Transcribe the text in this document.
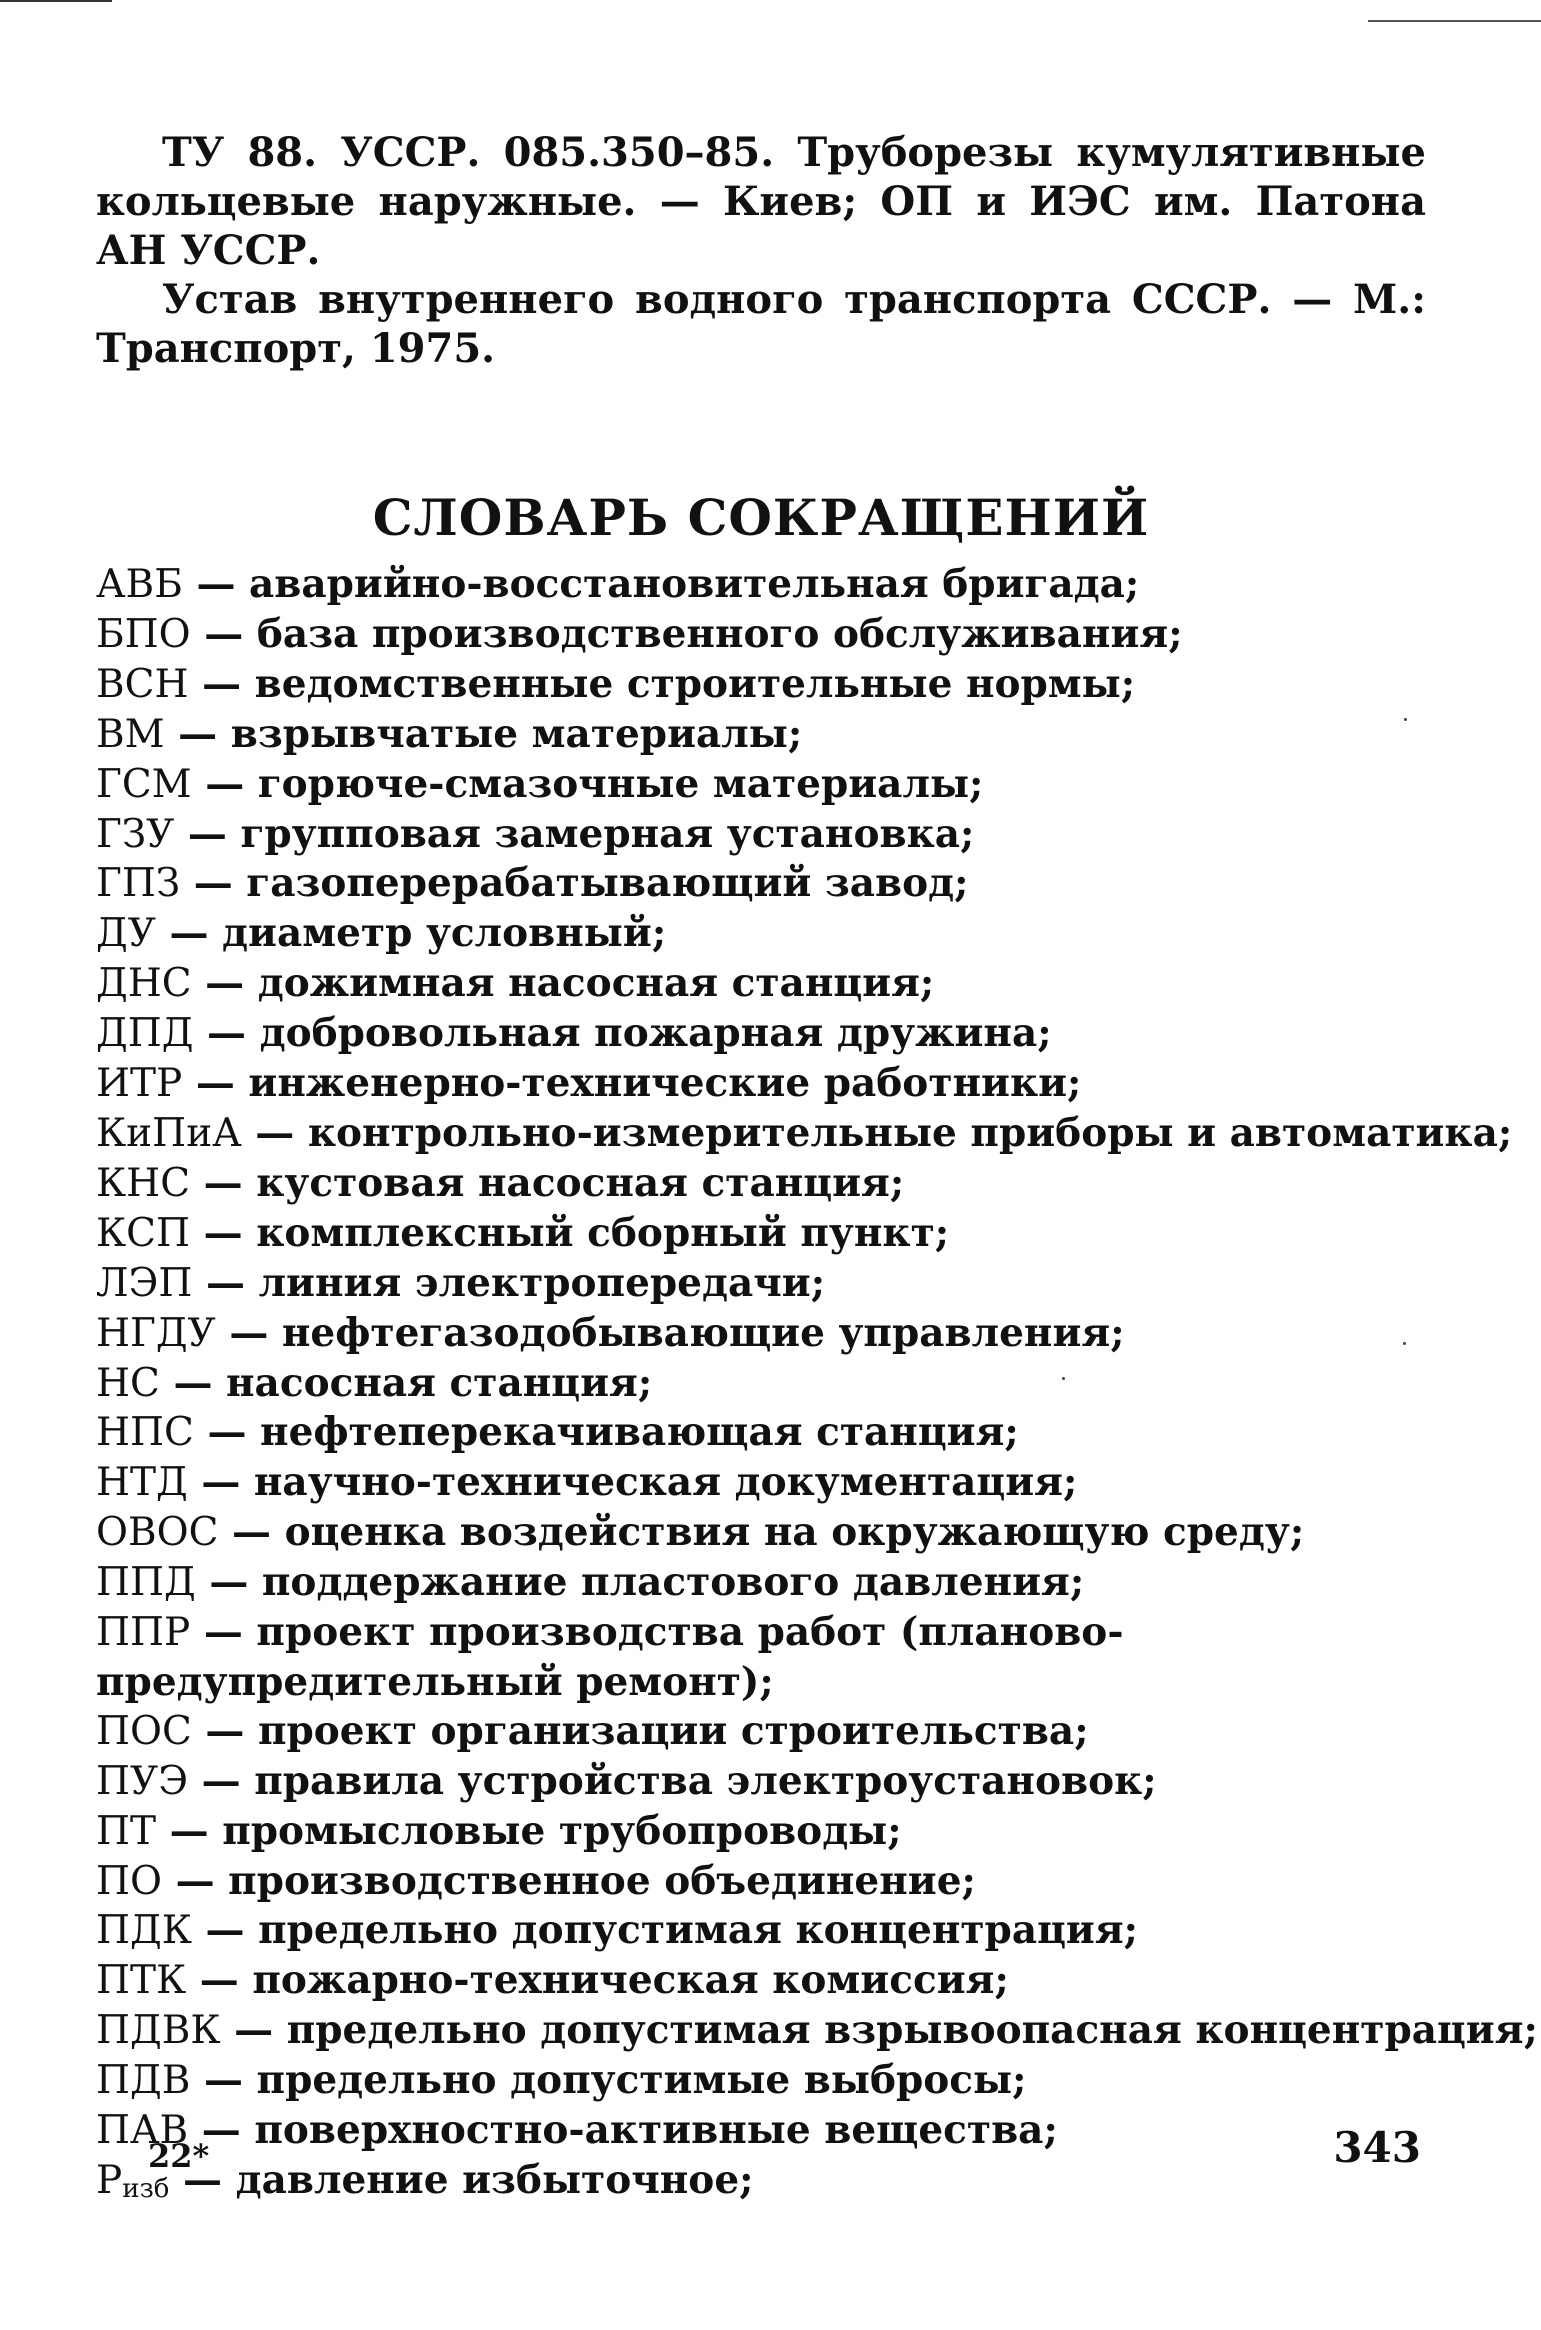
ТУ 88. УССР. 085.350–85. Труборезы кумулятивные кольцевые наружные. — Киев; ОП и ИЭС им. Патона АН УССР.

Устав внутреннего водного транспорта СССР. — М.: Транспорт, 1975.

СЛОВАРЬ СОКРАЩЕНИЙ
АВБ — аварийно-восстановительная бригада;
БПО — база производственного обслуживания;
ВСН — ведомственные строительные нормы;
ВМ — взрывчатые материалы;
ГСМ — горюче-смазочные материалы;
ГЗУ — групповая замерная установка;
ГПЗ — газоперерабатывающий завод;
ДУ — диаметр условный;
ДНС — дожимная насосная станция;
ДПД — добровольная пожарная дружина;
ИТР — инженерно-технические работники;
КиПиА — контрольно-измерительные приборы и автоматика;
КНС — кустовая насосная станция;
КСП — комплексный сборный пункт;
ЛЭП — линия электропередачи;
НГДУ — нефтегазодобывающие управления;
НС — насосная станция;
НПС — нефтеперекачивающая станция;
НТД — научно-техническая документация;
ОВОС — оценка воздействия на окружающую среду;
ППД — поддержание пластового давления;
ППР — проект производства работ (планово-предупредительный ремонт);
ПОС — проект организации строительства;
ПУЭ — правила устройства электроустановок;
ПТ — промысловые трубопроводы;
ПО — производственное объединение;
ПДК — предельно допустимая концентрация;
ПТК — пожарно-техническая комиссия;
ПДВК — предельно допустимая взрывоопасная концентрация;
ПДВ — предельно допустимые выбросы;
ПАВ — поверхностно-активные вещества;
Pизб — давление избыточное;
22*	343
